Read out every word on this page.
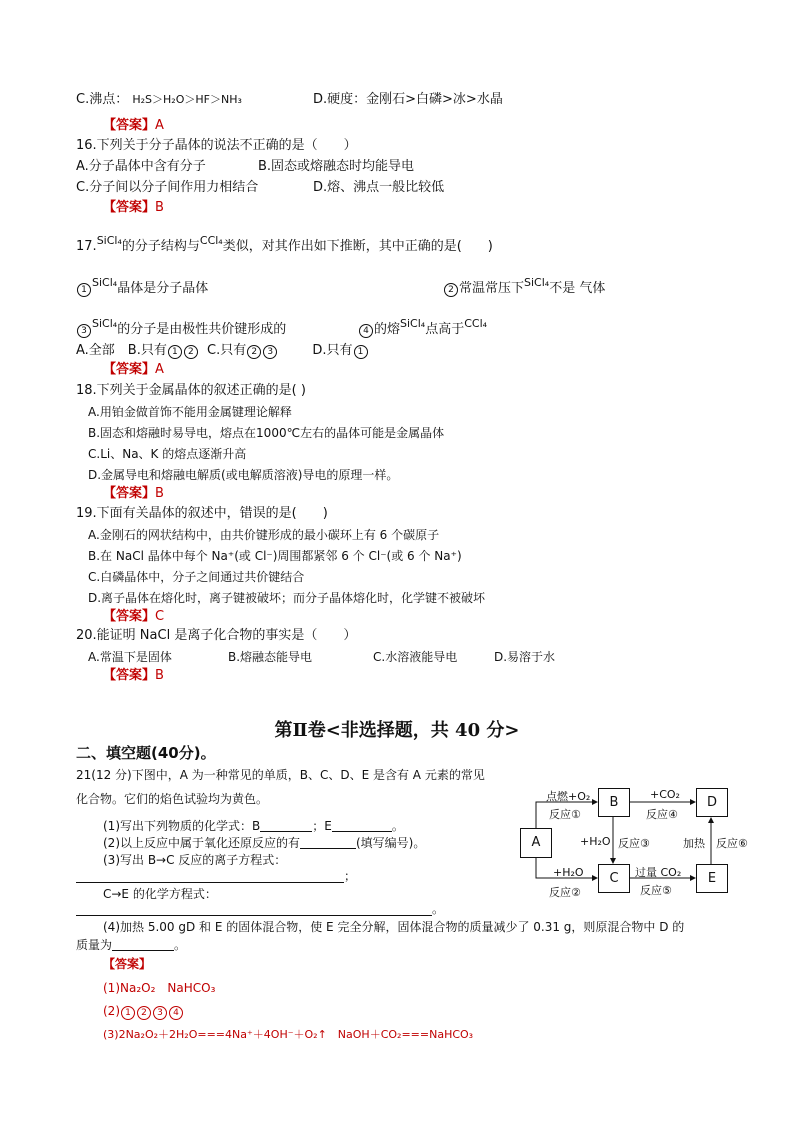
C.沸点： H₂S＞H₂O＞HF＞NH₃	D.硬度：金刚石>白磷>冰>水晶
【答案】A
16.下列关于分子晶体的说法不正确的是（　　）
A.分子晶体中含有分子	B.固态或熔融态时均能导电
C.分子间以分子间作用力相结合	D.熔、沸点一般比较低
【答案】B
17.$^{SiCl_4}$的分子结构与$^{CCl_4}$类似，对其作出如下推断，其中正确的是(　　)
$1^{SiCl_4}$晶体是分子晶体	2 常温常压下$^{SiCl_4}$不是 气体
$3^{SiCl_4}$的分子是由极性共价键形成的	4 的熔$^{SiCl_4}$点高于$^{CCl_4}$
A.全部　B.只有 1 2 C.只有 2 3	D.只有 1
【答案】A
18.下列关于金属晶体的叙述正确的是( )
A.用铂金做首饰不能用金属键理论解释
B.固态和熔融时易导电，熔点在1000℃左右的晶体可能是金属晶体
C.Li、Na、K 的熔点逐渐升高
D.金属导电和熔融电解质(或电解质溶液)导电的原理一样。
【答案】B
19.下面有关晶体的叙述中，错误的是(　　)
A.金刚石的网状结构中，由共价键形成的最小碳环上有 6 个碳原子
B.在 NaCl 晶体中每个 Na⁺(或 Cl⁻)周围都紧邻 6 个 Cl⁻(或 6 个 Na⁺)
C.白磷晶体中，分子之间通过共价键结合
D.离子晶体在熔化时，离子键被破坏；而分子晶体熔化时，化学键不被破坏
【答案】C
20.能证明 NaCl 是离子化合物的事实是（　　）
A.常温下是固体	B.熔融态能导电	C.水溶液能导电	D.易溶于水
【答案】B
第Ⅱ卷<非选择题，共 40 分>
二、填空题(40分)。
21(12 分)下图中，A 为一种常见的单质，B、C、D、E 是含有 A 元素的常见
化合物。它们的焰色试验均为黄色。
(1)写出下列物质的化学式：B	；E	。
(2)以上反应中属于氧化还原反应的有	(填写编号)。
(3)写出 B→C 反应的离子方程式：
；
C→E 的化学方程式：
。
(4)加热 5.00 gD 和 E 的固体混合物，使 E 完全分解，固体混合物的质量减少了 0.31 g，则原混合物中 D 的
质量为	。
【答案】
(1)Na₂O₂　NaHCO₃
(2) 1 2 3 4
(3)2Na₂O₂＋2H₂O===4Na⁺＋4OH⁻＋O₂↑　NaOH＋CO₂===NaHCO₃
A
B	D
C	E
点燃+O₂
反应①
+H₂O
反应②
+CO₂
反应④
+H₂O 反应③
过量 CO₂
反应⑤
加热 反应⑥
